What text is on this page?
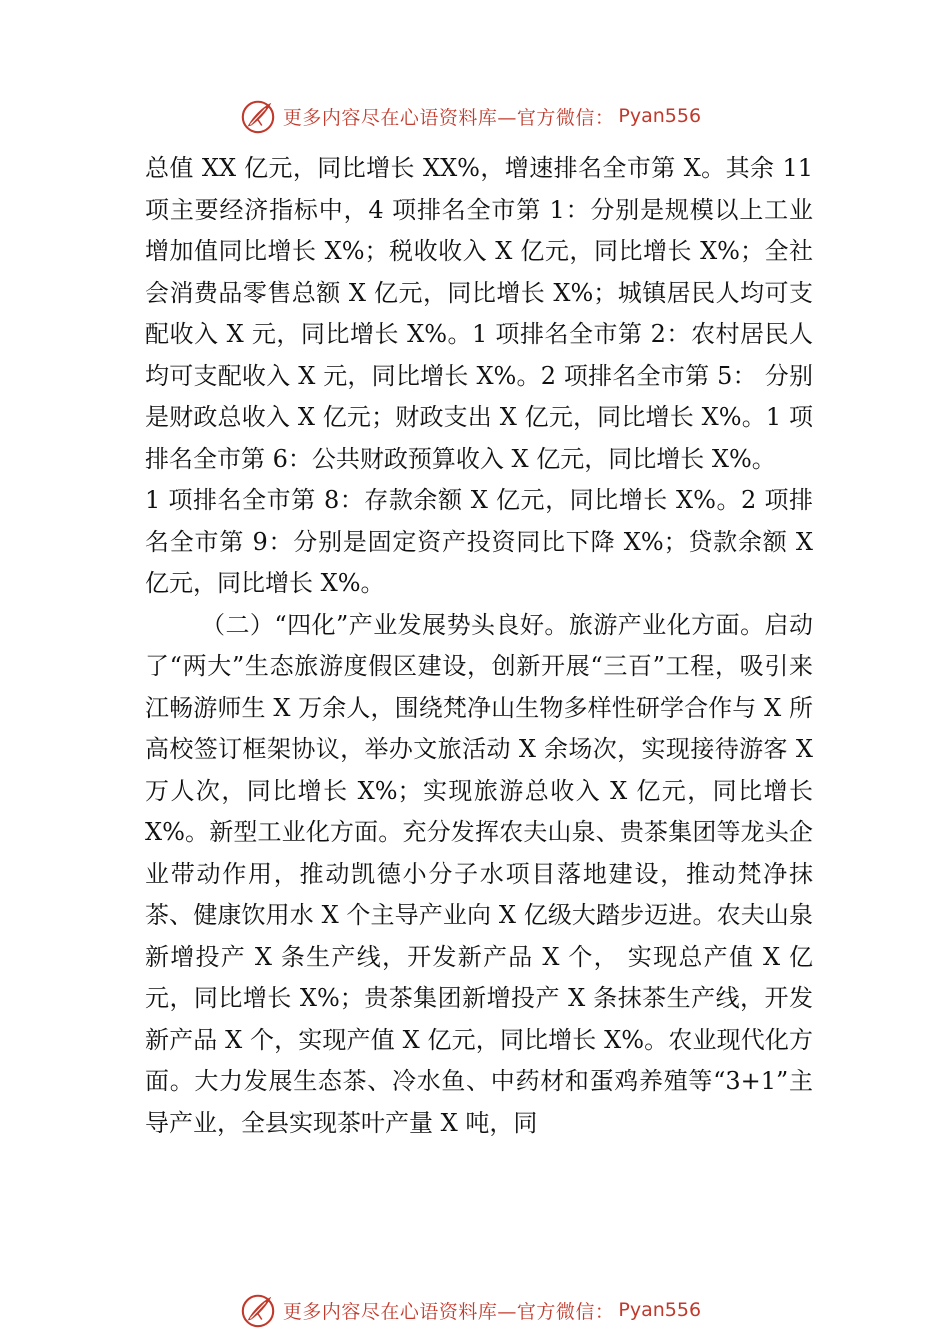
更多内容尽在心语资料库—官方微信： Pyan556

总值 XX 亿元，同比增长 XX%，增速排名全市第 X。其余 11 项主要经济指标中，4 项排名全市第 1：分别是规模以上工业增加值同比增长 X%；税收收入 X 亿元，同比增长 X%；全社会消费品零售总额 X 亿元，同比增长 X%；城镇居民人均可支配收入 X 元，同比增长 X%。1 项排名全市第 2：农村居民人均可支配收入 X 元，同比增长 X%。2 项排名全市第 5： 分别是财政总收入 X 亿元；财政支出 X 亿元，同比增长 X%。1 项排名全市第 6：公共财政预算收入 X 亿元，同比增长 X%。

1 项排名全市第 8：存款余额 X 亿元，同比增长 X%。2 项排名全市第 9：分别是固定资产投资同比下降 X%；贷款余额 X 亿元，同比增长 X%。

（二）“四化”产业发展势头良好。旅游产业化方面。启动了“两大”生态旅游度假区建设，创新开展“三百”工程，吸引来江畅游师生 X 万余人，围绕梵净山生物多样性研学合作与 X 所高校签订框架协议，举办文旅活动 X 余场次，实现接待游客 X 万人次，同比增长 X%；实现旅游总收入 X 亿元，同比增长 X%。新型工业化方面。充分发挥农夫山泉、贵茶集团等龙头企业带动作用，推动凯德小分子水项目落地建设，推动梵净抹茶、健康饮用水 X 个主导产业向 X 亿级大踏步迈进。农夫山泉新增投产 X 条生产线，开发新产品 X 个， 实现总产值 X 亿元，同比增长 X%；贵茶集团新增投产 X 条抹茶生产线，开发新产品 X 个，实现产值 X 亿元，同比增长 X%。农业现代化方面。大力发展生态茶、冷水鱼、中药材和蛋鸡养殖等“3+1”主导产业，全县实现茶叶产量 X 吨，同

更多内容尽在心语资料库—官方微信： Pyan556
